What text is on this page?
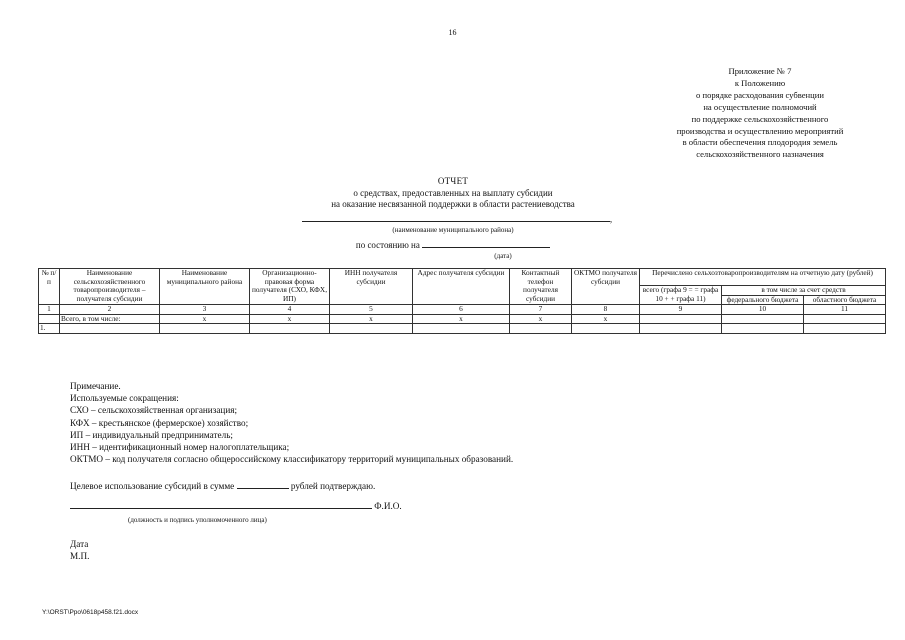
16
Приложение № 7
к Положению
о порядке расходования субвенции
на осуществление полномочий
по поддержке сельскохозяйственного
производства и осуществлению мероприятий
в области обеспечения плодородия земель
сельскохозяйственного назначения
ОТЧЕТ
о средствах, предоставленных на выплату субсидии
на оказание несвязанной поддержки в области растениеводства
,
(наименование муниципального района)
по состоянию на
(дата)
№ п/п	Наименование сельскохозяйственного товаропроизводителя – получателя субсидии	Наименование муниципального района	Организационно-правовая форма получателя (СХО, КФХ, ИП)	ИНН получателя субсидии	Адрес получателя субсидии	Контактный телефон получателя субсидии	ОКТМО получателя субсидии	Перечислено сельхозтоваропроизводителям на отчетную дату (рублей)		
								всего (графа 9 = = графа 10 + + графа 11)	в том числе за счет средств	
									федерального бюджета	областного бюджета
1	2	3	4	5	6	7	8	9	10	11
	Всего, в том числе:	x	x	x	x	x	x			
1.										
Примечание.
Используемые сокращения:
СХО – сельскохозяйственная организация;
КФХ – крестьянское (фермерское) хозяйство;
ИП – индивидуальный предприниматель;
ИНН – идентификационный номер налогоплательщика;
ОКТМО – код получателя согласно общероссийскому классификатору территорий муниципальных образований.
Целевое использование субсидий в сумме	рублей подтверждаю.
Ф.И.О.
(должность и подпись уполномоченного лица)
Дата
М.П.
Y:\ORST\Ppo\0618p458.f21.docx
